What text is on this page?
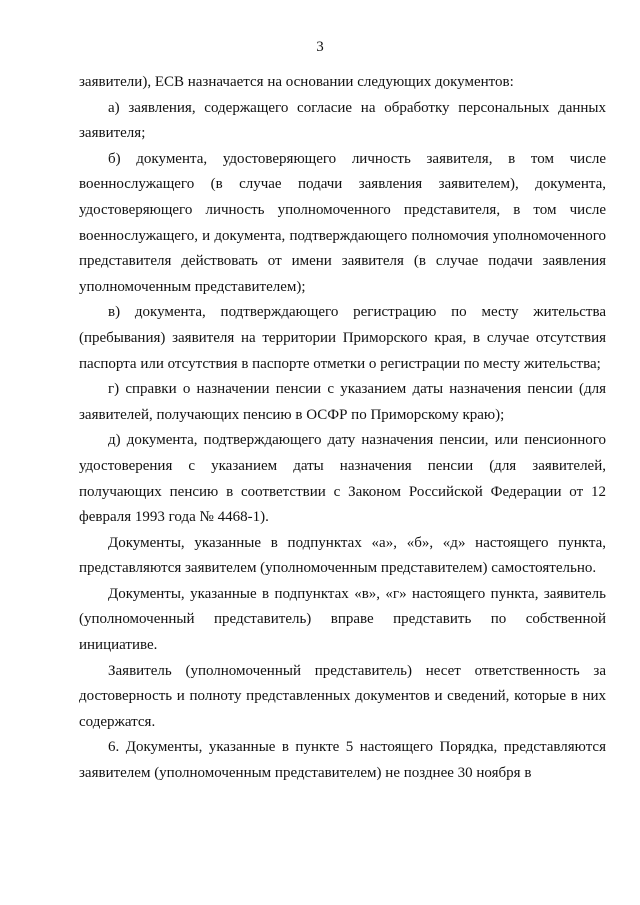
3

заявители), ЕСВ назначается на основании следующих документов:

а) заявления, содержащего согласие на обработку персональных данных заявителя;

б) документа, удостоверяющего личность заявителя, в том числе военнослужащего (в случае подачи заявления заявителем), документа, удостоверяющего личность уполномоченного представителя, в том числе военнослужащего, и документа, подтверждающего полномочия уполномоченного представителя действовать от имени заявителя (в случае подачи заявления уполномоченным представителем);

в) документа, подтверждающего регистрацию по месту жительства (пребывания) заявителя на территории Приморского края, в случае отсутствия паспорта или отсутствия в паспорте отметки о регистрации по месту жительства;

г) справки о назначении пенсии с указанием даты назначения пенсии (для заявителей, получающих пенсию в ОСФР по Приморскому краю);

д) документа, подтверждающего дату назначения пенсии, или пенсионного удостоверения с указанием даты назначения пенсии (для заявителей, получающих пенсию в соответствии с Законом Российской Федерации от 12 февраля 1993 года № 4468-1).

Документы, указанные в подпунктах «а», «б», «д» настоящего пункта, представляются заявителем (уполномоченным представителем) самостоятельно.

Документы, указанные в подпунктах «в», «г» настоящего пункта, заявитель (уполномоченный представитель) вправе представить по собственной инициативе.

Заявитель (уполномоченный представитель) несет ответственность за достоверность и полноту представленных документов и сведений, которые в них содержатся.

6. Документы, указанные в пункте 5 настоящего Порядка, представляются заявителем (уполномоченным представителем) не позднее 30 ноября в
